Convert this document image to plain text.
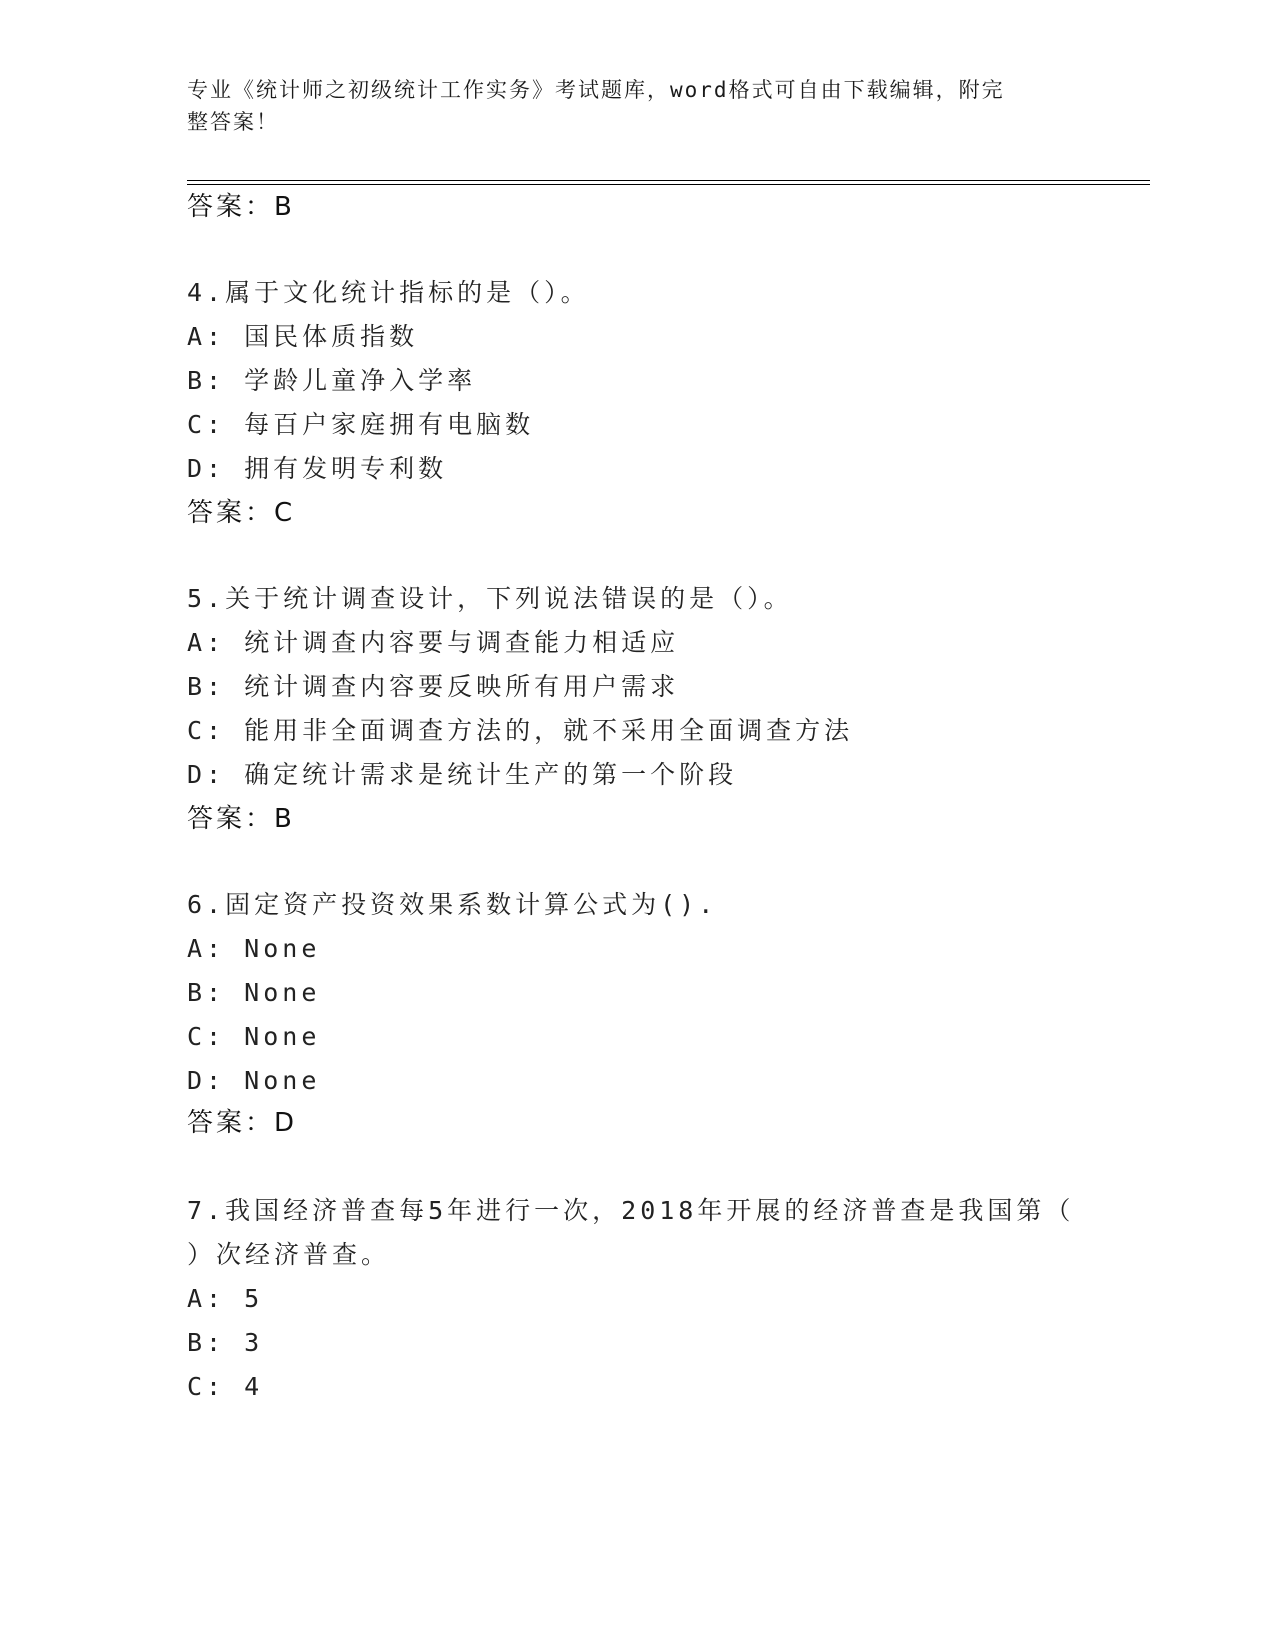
专业《统计师之初级统计工作实务》考试题库，word格式可自由下载编辑，附完
整答案！
答案：B
4.属于文化统计指标的是（）。
A: 国民体质指数
B: 学龄儿童净入学率
C: 每百户家庭拥有电脑数
D: 拥有发明专利数
答案：C
5.关于统计调查设计，下列说法错误的是（）。
A: 统计调查内容要与调查能力相适应
B: 统计调查内容要反映所有用户需求
C: 能用非全面调查方法的，就不采用全面调查方法
D: 确定统计需求是统计生产的第一个阶段
答案：B
6.固定资产投资效果系数计算公式为().
A: None
B: None
C: None
D: None
答案：D
7.我国经济普查每5年进行一次，2018年开展的经济普查是我国第（
）次经济普查。
A: 5
B: 3
C: 4
